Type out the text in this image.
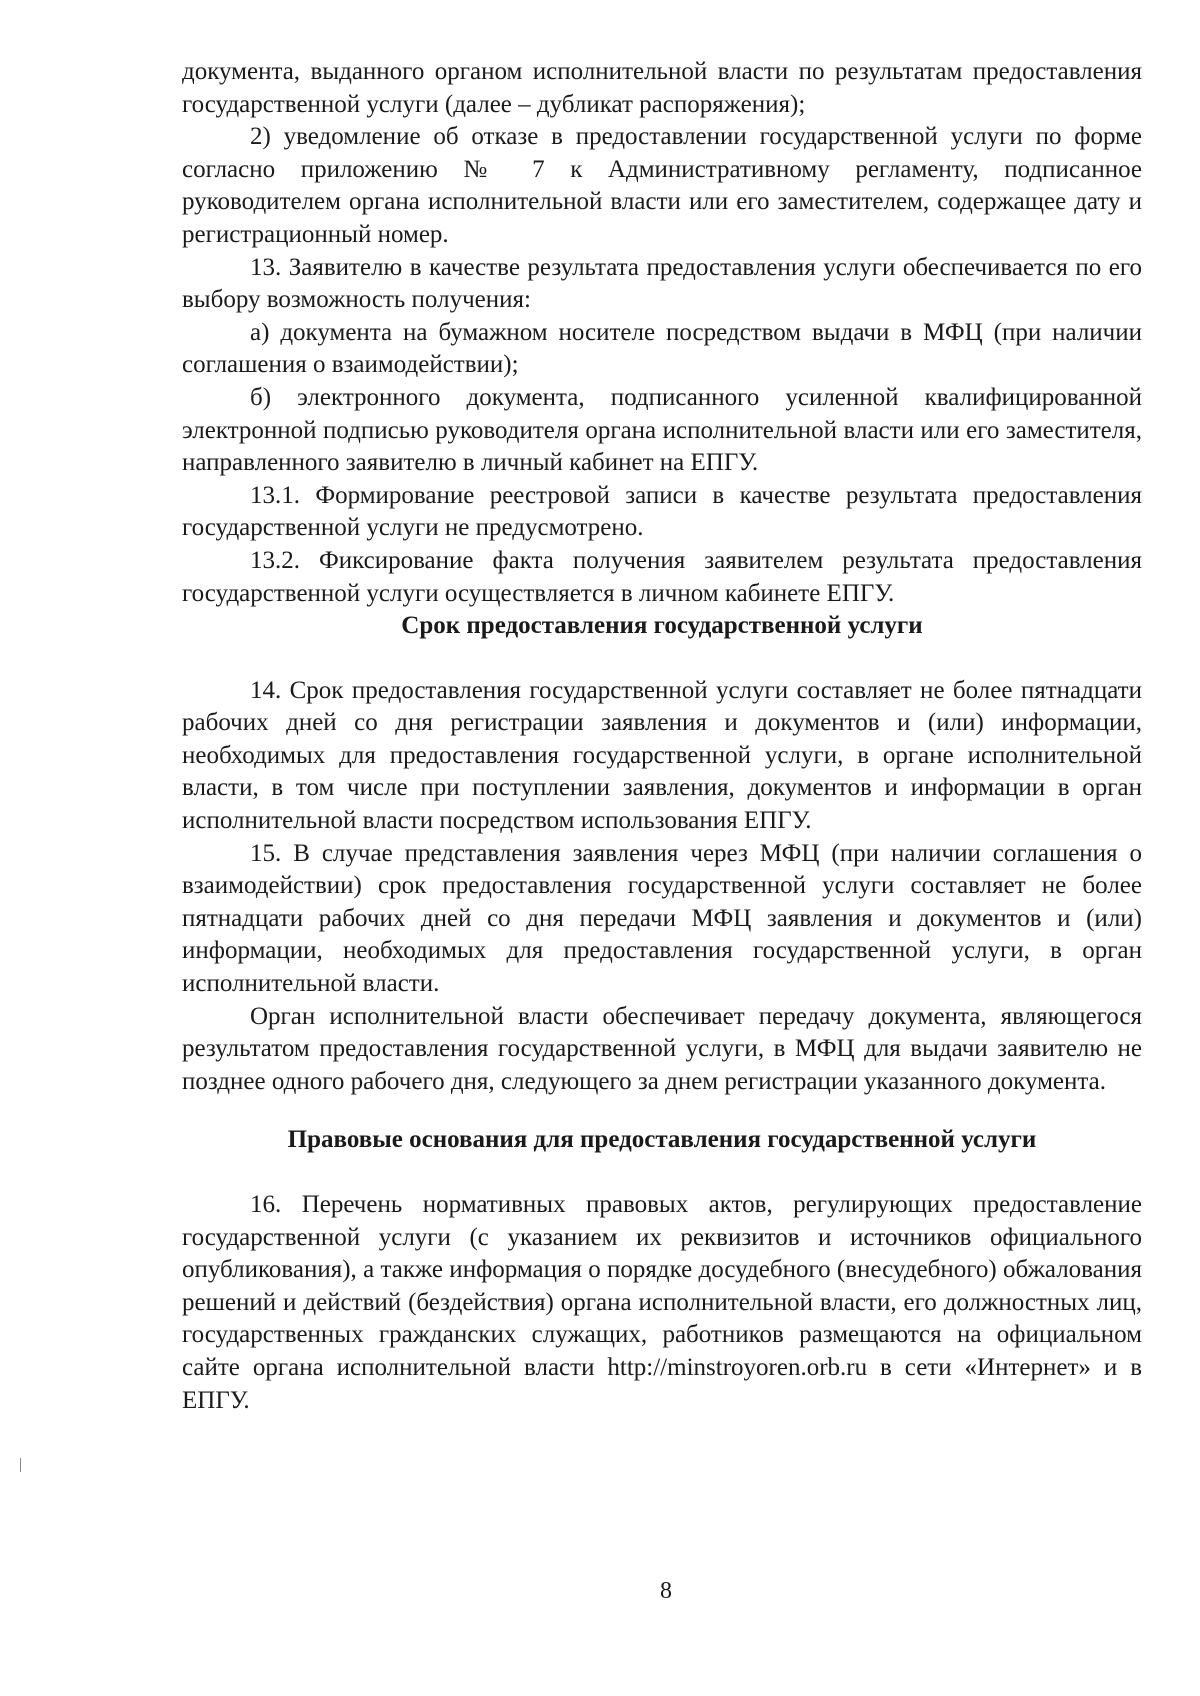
документа, выданного органом исполнительной власти по результатам предоставления государственной услуги (далее – дубликат распоряжения);

2) уведомление об отказе в предоставлении государственной услуги по форме согласно приложению № 7 к Административному регламенту, подписанное руководителем органа исполнительной власти или его заместителем, содержащее дату и регистрационный номер.

13. Заявителю в качестве результата предоставления услуги обеспечивается по его выбору возможность получения:

а) документа на бумажном носителе посредством выдачи в МФЦ (при наличии соглашения о взаимодействии);

б) электронного документа, подписанного усиленной квалифицированной электронной подписью руководителя органа исполнительной власти или его заместителя, направленного заявителю в личный кабинет на ЕПГУ.

13.1. Формирование реестровой записи в качестве результата предоставления государственной услуги не предусмотрено.

13.2. Фиксирование факта получения заявителем результата предоставления государственной услуги осуществляется в личном кабинете ЕПГУ.

Срок предоставления государственной услуги

14. Срок предоставления государственной услуги составляет не более пятнадцати рабочих дней со дня регистрации заявления и документов и (или) информации, необходимых для предоставления государственной услуги, в органе исполнительной власти, в том числе при поступлении заявления, документов и информации в орган исполнительной власти посредством использования ЕПГУ.

15. В случае представления заявления через МФЦ (при наличии соглашения о взаимодействии) срок предоставления государственной услуги составляет не более пятнадцати рабочих дней со дня передачи МФЦ заявления и документов и (или) информации, необходимых для предоставления государственной услуги, в орган исполнительной власти.

Орган исполнительной власти обеспечивает передачу документа, являющегося результатом предоставления государственной услуги, в МФЦ для выдачи заявителю не позднее одного рабочего дня, следующего за днем регистрации указанного документа.

Правовые основания для предоставления государственной услуги

16. Перечень нормативных правовых актов, регулирующих предоставление государственной услуги (с указанием их реквизитов и источников официального опубликования), а также информация о порядке досудебного (внесудебного) обжалования решений и действий (бездействия) органа исполнительной власти, его должностных лиц, государственных гражданских служащих, работников размещаются на официальном сайте органа исполнительной власти http://minstroyoren.orb.ru в сети «Интернет» и в ЕПГУ.

8
